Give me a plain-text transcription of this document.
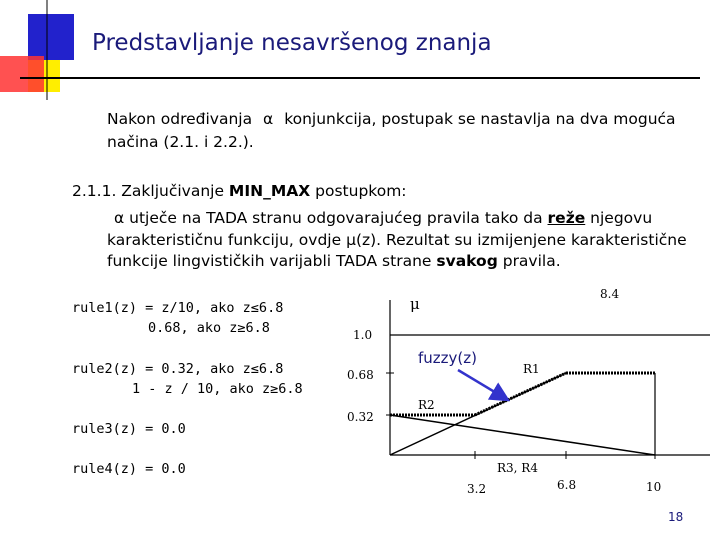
Predstavljanje nesavršenog znanja
Nakon određivanja α konjunkcija, postupak se nastavlja na dva moguća
načina (2.1. i 2.2.).
2.1.1. Zaključivanje MIN_MAX postupkom:
α utječe na TADA stranu odgovarajućeg pravila tako da reže njegovu
karakterističnu funkciju, ovdje μ(z). Rezultat su izmijenjene karakteristične
funkcije lingvističkih varijabli TADA strane svakog pravila.
rule1(z) = z/10, ako z≤6.8
0.68, ako z≥6.8
rule2(z) = 0.32, ako z≤6.8
1 - z / 10, ako z≥6.8
rule3(z) = 0.0
rule4(z) = 0.0
μ
8.4
1.0
0.68
0.32
fuzzy(z)
R1
R2
R3, R4
3.2	6.8	10
18
